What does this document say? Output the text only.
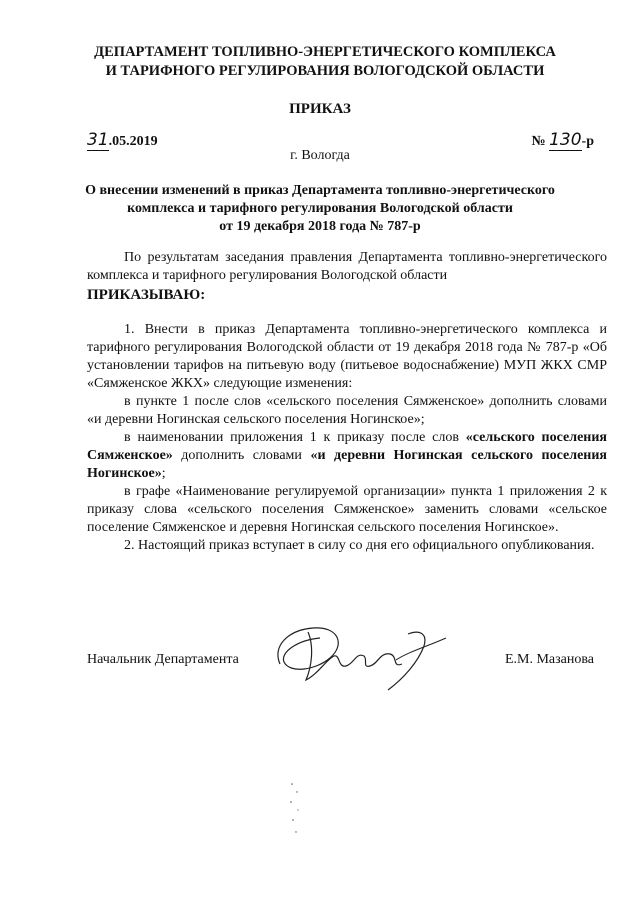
ДЕПАРТАМЕНТ ТОПЛИВНО-ЭНЕРГЕТИЧЕСКОГО КОМПЛЕКСА
И ТАРИФНОГО РЕГУЛИРОВАНИЯ ВОЛОГОДСКОЙ ОБЛАСТИ
ПРИКАЗ
31.05.2019	№ 130-р
г. Вологда
О внесении изменений в приказ Департамента топливно-энергетического
комплекса и тарифного регулирования Вологодской области
от 19 декабря 2018 года № 787-р

По результатам заседания правления Департамента топливно-энергетического комплекса и тарифного регулирования Вологодской области

ПРИКАЗЫВАЮ:

1. Внести в приказ Департамента топливно-энергетического комплекса и тарифного регулирования Вологодской области от 19 декабря 2018 года № 787-р «Об установлении тарифов на питьевую воду (питьевое водоснабжение) МУП ЖКХ СМР «Сямженское ЖКХ» следующие изменения:

в пункте 1 после слов «сельского поселения Сямженское» дополнить словами «и деревни Ногинская сельского поселения Ногинское»;

в наименовании приложения 1 к приказу после слов «сельского поселения Сямженское» дополнить словами «и деревни Ногинская сельского поселения Ногинское»;

в графе «Наименование регулируемой организации» пункта 1 приложения 2 к приказу слова «сельского поселения Сямженское» заменить словами «сельское поселение Сямженское и деревня Ногинская сельского поселения Ногинское».

2. Настоящий приказ вступает в силу со дня его официального опубликования.

Начальник Департамента	Е.М. Мазанова
